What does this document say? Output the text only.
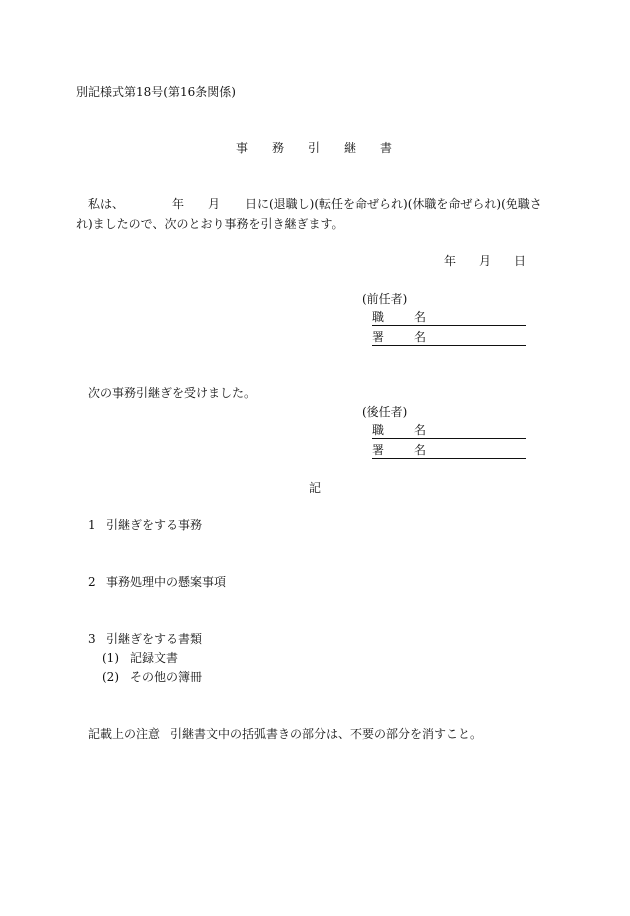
別記様式第18号(第16条関係)

事 務 引 継 書

私は、	年 月 日に(退職し)(転任を命ぜられ)(休職を命ぜられ)(免職さ

れ)ましたので、次のとおり事務を引き継ぎます。

年 月 日

(前任者)

職 名
署 名

次の事務引継ぎを受けました。

(後任者)

職 名
署 名

記

1 引継ぎをする事務

2 事務処理中の懸案事項

3 引継ぎをする書類

(1) 記録文書

(2) その他の簿冊

記載上の注意 引継書文中の括弧書きの部分は、不要の部分を消すこと。
